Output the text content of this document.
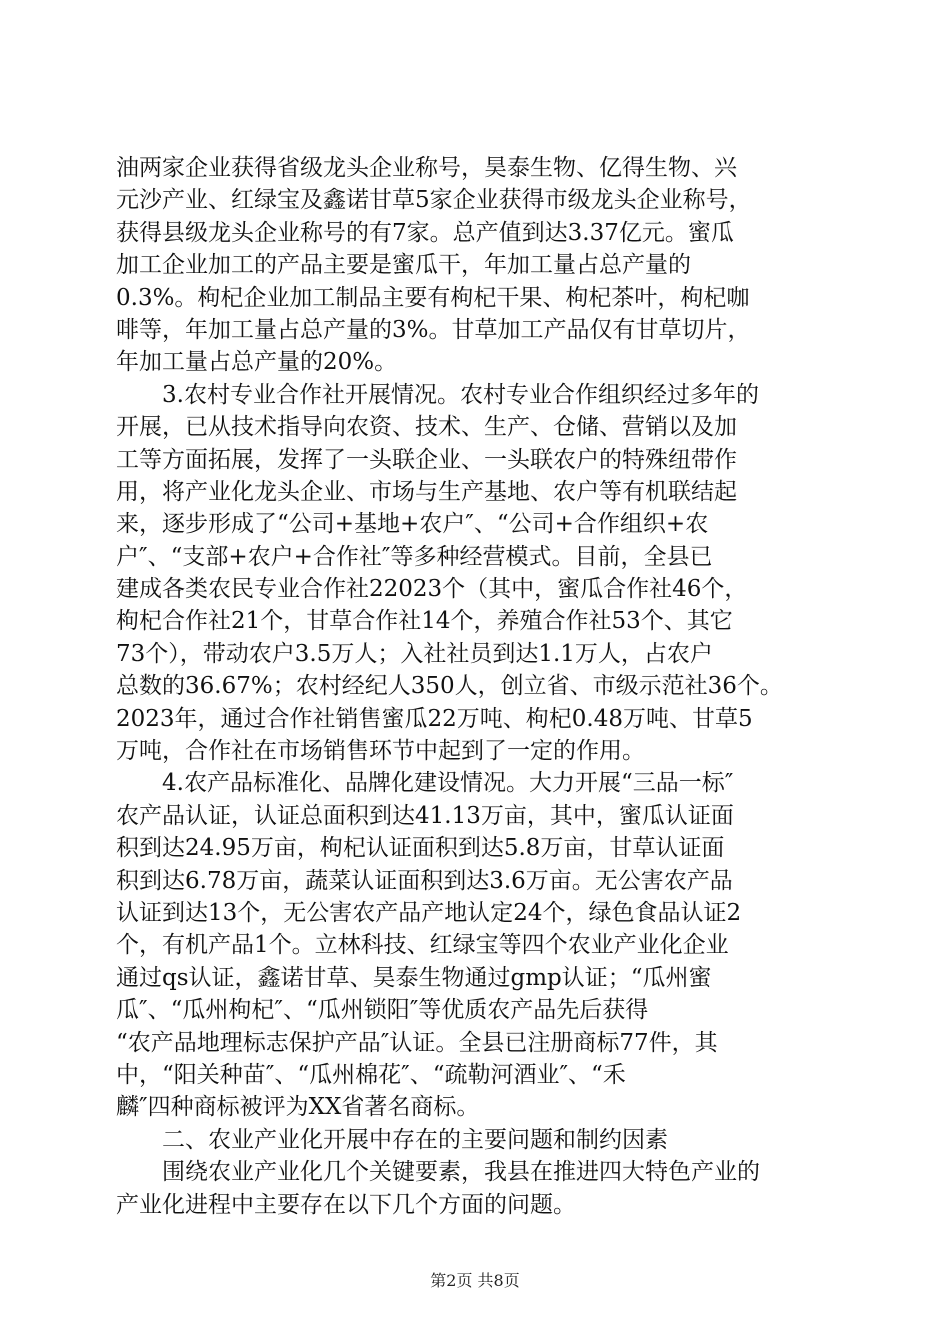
油两家企业获得省级龙头企业称号，昊泰生物、亿得生物、兴
元沙产业、红绿宝及鑫诺甘草5家企业获得市级龙头企业称号，
获得县级龙头企业称号的有7家。总产值到达3.37亿元。蜜瓜
加工企业加工的产品主要是蜜瓜干，年加工量占总产量的
0.3%。枸杞企业加工制品主要有枸杞干果、枸杞茶叶，枸杞咖
啡等，年加工量占总产量的3%。甘草加工产品仅有甘草切片，
年加工量占总产量的20%。
3.农村专业合作社开展情况。农村专业合作组织经过多年的
开展，已从技术指导向农资、技术、生产、仓储、营销以及加
工等方面拓展，发挥了一头联企业、一头联农户的特殊纽带作
用，将产业化龙头企业、市场与生产基地、农户等有机联结起
来，逐步形成了“公司+基地+农户″、“公司+合作组织+农
户″、“支部+农户+合作社″等多种经营模式。目前，全县已
建成各类农民专业合作社22023个（其中，蜜瓜合作社46个，
枸杞合作社21个，甘草合作社14个，养殖合作社53个、其它
73个），带动农户3.5万人；入社社员到达1.1万人，占农户
总数的36.67%；农村经纪人350人，创立省、市级示范社36个。
2023年，通过合作社销售蜜瓜22万吨、枸杞0.48万吨、甘草5
万吨，合作社在市场销售环节中起到了一定的作用。
4.农产品标准化、品牌化建设情况。大力开展“三品一标″
农产品认证，认证总面积到达41.13万亩，其中，蜜瓜认证面
积到达24.95万亩，枸杞认证面积到达5.8万亩，甘草认证面
积到达6.78万亩，蔬菜认证面积到达3.6万亩。无公害农产品
认证到达13个，无公害农产品产地认定24个，绿色食品认证2
个，有机产品1个。立林科技、红绿宝等四个农业产业化企业
通过qs认证，鑫诺甘草、昊泰生物通过gmp认证；“瓜州蜜
瓜″、“瓜州枸杞″、“瓜州锁阳″等优质农产品先后获得
“农产品地理标志保护产品″认证。全县已注册商标77件，其
中，“阳关种苗″、“瓜州棉花″、“疏勒河酒业″、“禾
麟″四种商标被评为XX省著名商标。
二、农业产业化开展中存在的主要问题和制约因素
围绕农业产业化几个关键要素，我县在推进四大特色产业的
产业化进程中主要存在以下几个方面的问题。
第2页 共8页
